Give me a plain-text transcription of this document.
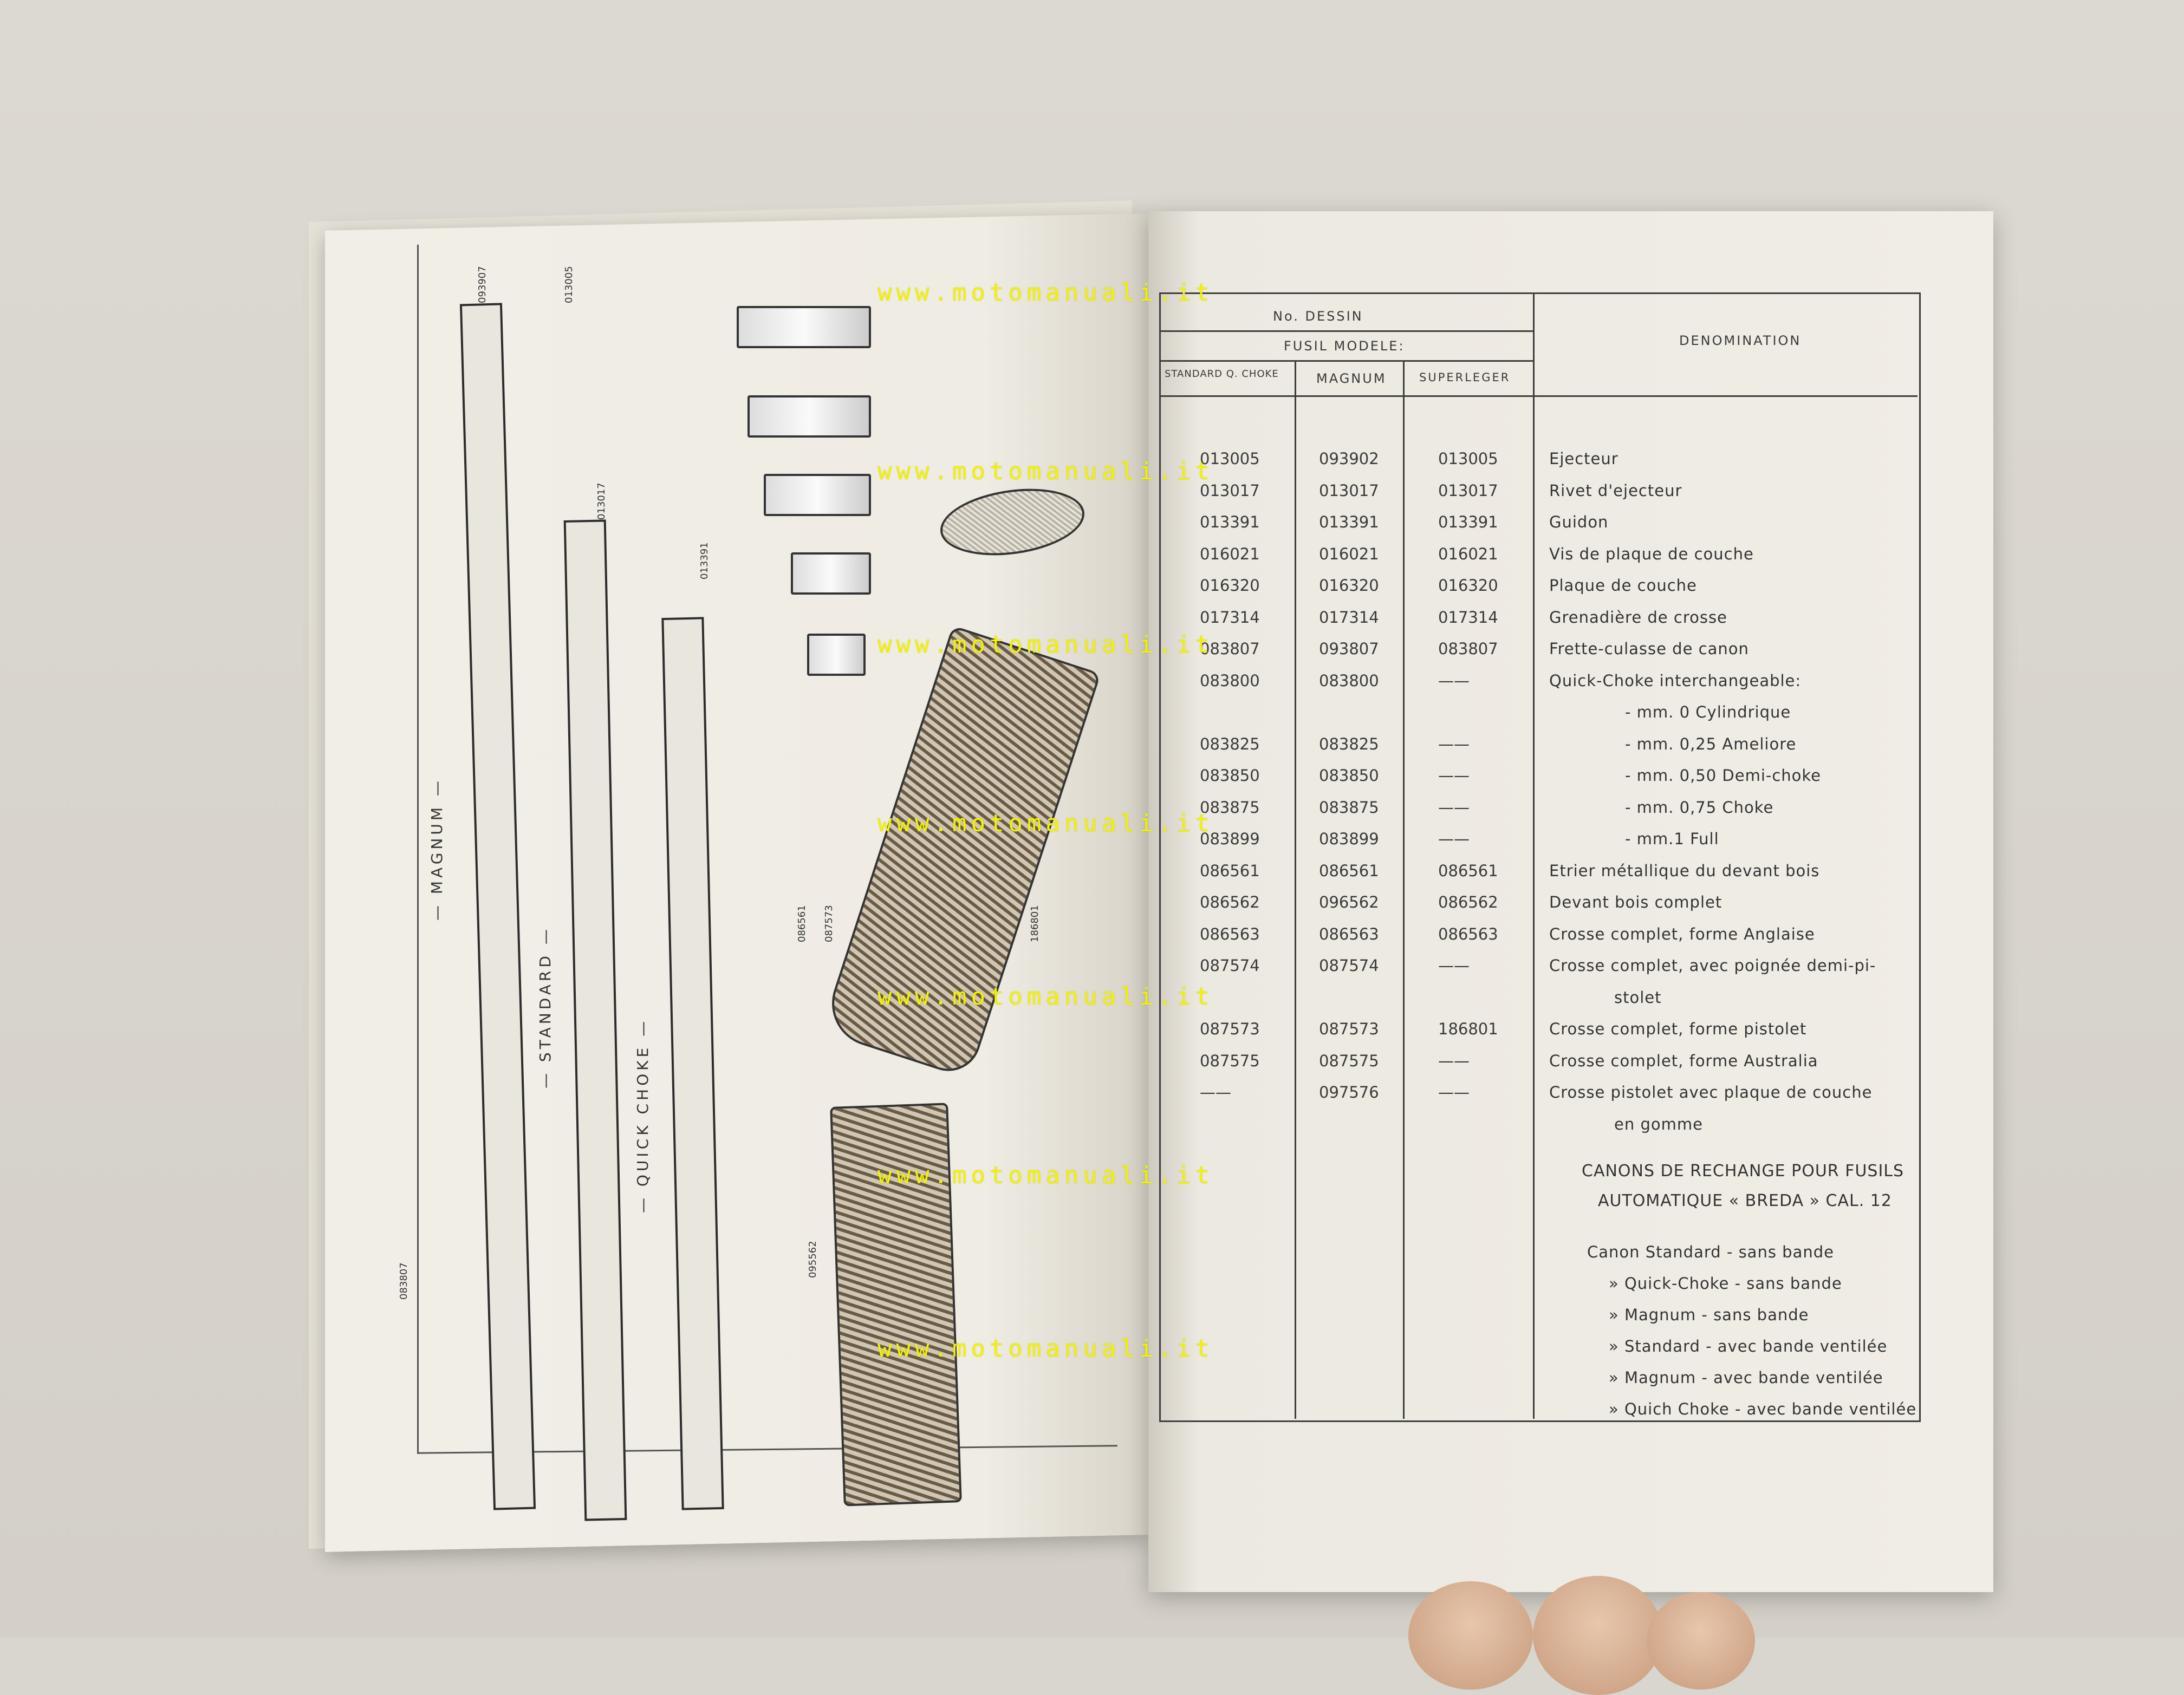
— MAGNUM —
— STANDARD —
— QUICK CHOKE —
083807
093907	013005
013017
013391
086561 087573	186801
095562
No. DESSIN
FUSIL MODELE:
STANDARD Q. CHOKE	MAGNUM	SUPERLEGER
DENOMINATION
013005	093902	013005	Ejecteur
013017	013017	013017	Rivet d'ejecteur
013391	013391	013391	Guidon
016021	016021	016021	Vis de plaque de couche
016320	016320	016320	Plaque de couche
017314	017314	017314	Grenadière de crosse
083807	093807	083807	Frette-culasse de canon
083800	083800	——	Quick-Choke interchangeable:
- mm. 0 Cylindrique
083825	083825	——	- mm. 0,25 Ameliore
083850	083850	——	- mm. 0,50 Demi-choke
083875	083875	——	- mm. 0,75 Choke
083899	083899	——	- mm.1 Full
086561	086561	086561	Etrier métallique du devant bois
086562	096562	086562	Devant bois complet
086563	086563	086563	Crosse complet, forme Anglaise
087574	087574	——	Crosse complet, avec poignée demi-pi-
stolet
087573	087573	186801	Crosse complet, forme pistolet
087575	087575	——	Crosse complet, forme Australia
——	097576	——	Crosse pistolet avec plaque de couche
en gomme
CANONS DE RECHANGE POUR FUSILS
AUTOMATIQUE « BREDA » CAL. 12
Canon Standard - sans bande
» Quick-Choke - sans bande
» Magnum - sans bande
» Standard - avec bande ventilée
» Magnum - avec bande ventilée
» Quich Choke - avec bande ventilée
www.motomanuali.it
www.motomanuali.it
www.motomanuali.it
www.motomanuali.it
www.motomanuali.it
www.motomanuali.it
www.motomanuali.it
